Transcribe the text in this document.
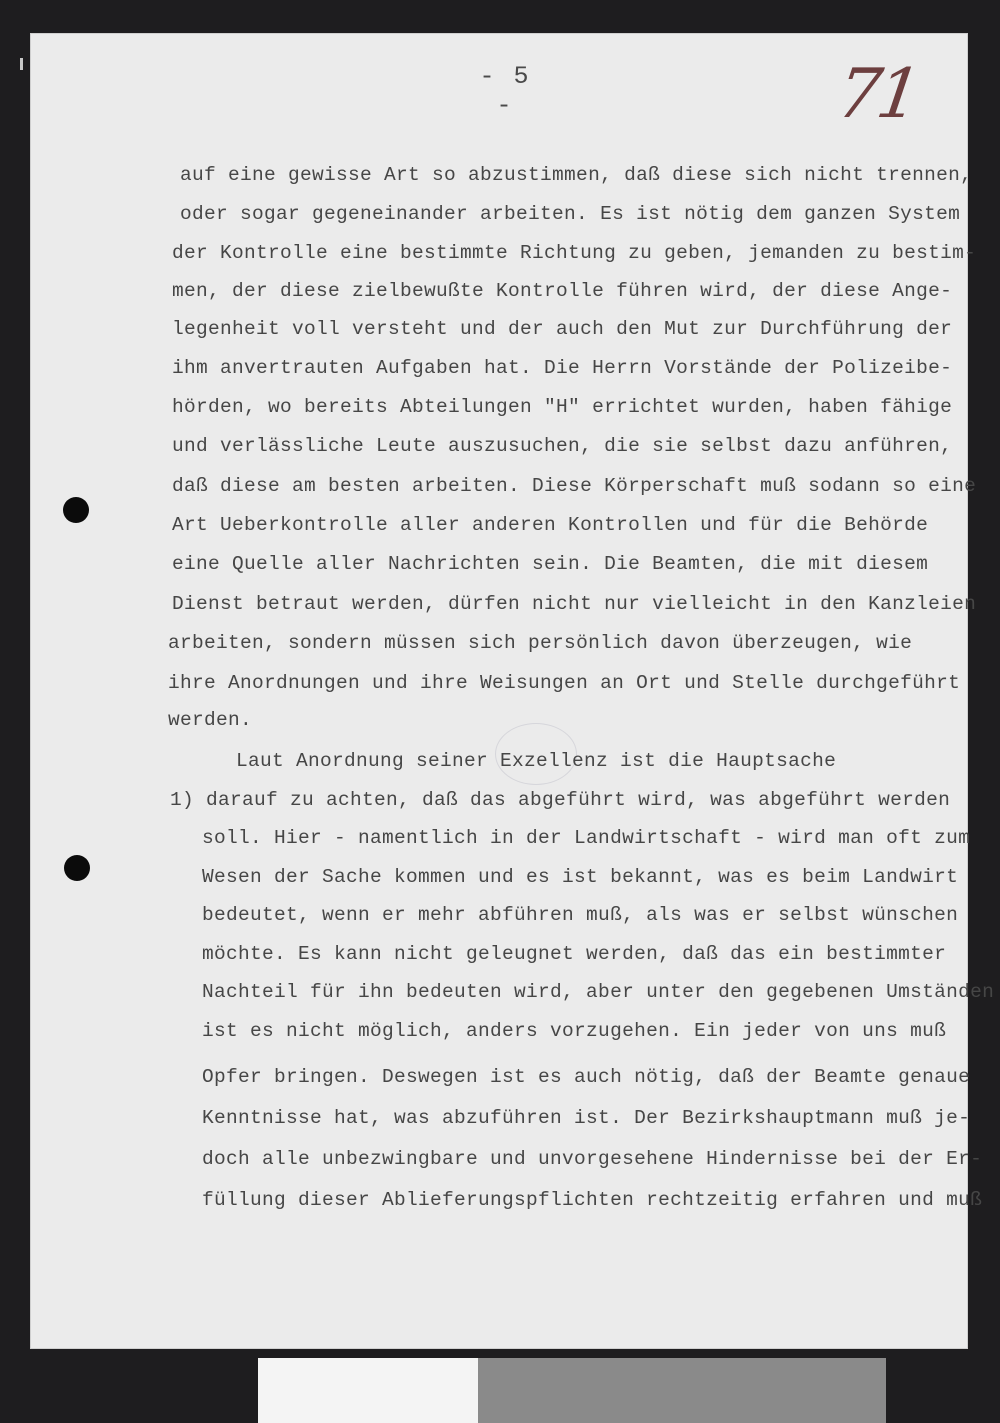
- 5 -	71
auf eine gewisse Art so abzustimmen, daß diese sich nicht trennen,
oder sogar gegeneinander arbeiten. Es ist nötig dem ganzen System
der Kontrolle eine bestimmte Richtung zu geben, jemanden zu bestim-
men, der diese zielbewußte Kontrolle führen wird, der diese Ange-
legenheit voll versteht und der auch den Mut zur Durchführung der
ihm anvertrauten Aufgaben hat. Die Herrn Vorstände der Polizeibe-
hörden, wo bereits Abteilungen "H" errichtet wurden, haben fähige
und verlässliche Leute auszusuchen, die sie selbst dazu anführen,
daß diese am besten arbeiten. Diese Körperschaft muß sodann so eine
Art Ueberkontrolle aller anderen Kontrollen und für die Behörde
eine Quelle aller Nachrichten sein. Die Beamten, die mit diesem
Dienst betraut werden, dürfen nicht nur vielleicht in den Kanzleien
arbeiten, sondern müssen sich persönlich davon überzeugen, wie
ihre Anordnungen und ihre Weisungen an Ort und Stelle durchgeführt
werden.
Laut Anordnung seiner Exzellenz ist die Hauptsache
1) darauf zu achten, daß das abgeführt wird, was abgeführt werden
soll. Hier - namentlich in der Landwirtschaft - wird man oft zum
Wesen der Sache kommen und es ist bekannt, was es beim Landwirt
bedeutet, wenn er mehr abführen muß, als was er selbst wünschen
möchte. Es kann nicht geleugnet werden, daß das ein bestimmter
Nachteil für ihn bedeuten wird, aber unter den gegebenen Umständen
ist es nicht möglich, anders vorzugehen. Ein jeder von uns muß
Opfer bringen. Deswegen ist es auch nötig, daß der Beamte genaue
Kenntnisse hat, was abzuführen ist. Der Bezirkshauptmann muß je-
doch alle unbezwingbare und unvorgesehene Hindernisse bei der Er-
füllung dieser Ablieferungspflichten rechtzeitig erfahren und muß
